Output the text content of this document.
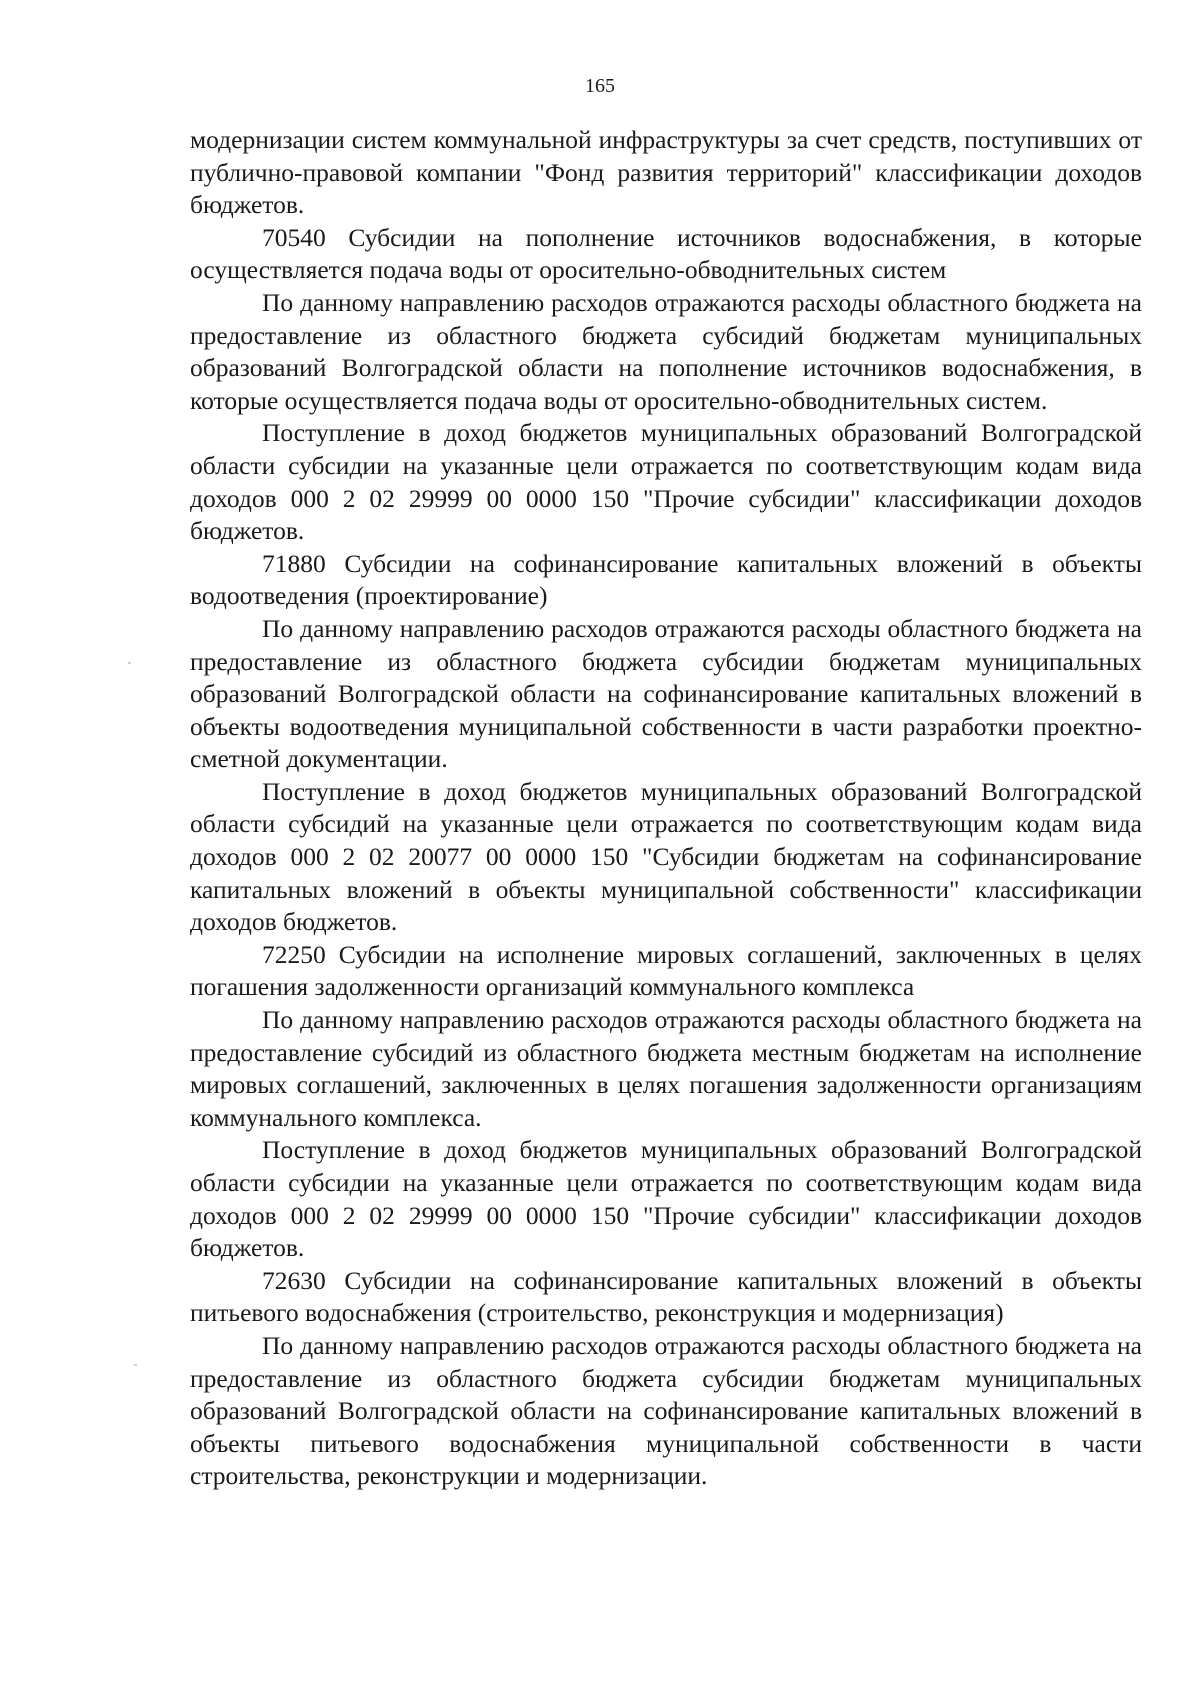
165

модернизации систем коммунальной инфраструктуры за счет средств, поступивших от публично-правовой компании "Фонд развития территорий" классификации доходов бюджетов.

70540 Субсидии на пополнение источников водоснабжения, в которые осуществляется подача воды от оросительно-обводнительных систем

По данному направлению расходов отражаются расходы областного бюджета на предоставление из областного бюджета субсидий бюджетам муниципальных образований Волгоградской области на пополнение источников водоснабжения, в которые осуществляется подача воды от оросительно-обводнительных систем.

Поступление в доход бюджетов муниципальных образований Волгоградской области субсидии на указанные цели отражается по соответствующим кодам вида доходов 000 2 02 29999 00 0000 150 "Прочие субсидии" классификации доходов бюджетов.

71880 Субсидии на софинансирование капитальных вложений в объекты водоотведения (проектирование)

По данному направлению расходов отражаются расходы областного бюджета на предоставление из областного бюджета субсидии бюджетам муниципальных образований Волгоградской области на софинансирование капитальных вложений в объекты водоотведения муниципальной собственности в части разработки проектно-сметной документации.

Поступление в доход бюджетов муниципальных образований Волгоградской области субсидий на указанные цели отражается по соответствующим кодам вида доходов 000 2 02 20077 00 0000 150 "Субсидии бюджетам на софинансирование капитальных вложений в объекты муниципальной собственности" классификации доходов бюджетов.

72250 Субсидии на исполнение мировых соглашений, заключенных в целях погашения задолженности организаций коммунального комплекса

По данному направлению расходов отражаются расходы областного бюджета на предоставление субсидий из областного бюджета местным бюджетам на исполнение мировых соглашений, заключенных в целях погашения задолженности организациям коммунального комплекса.

Поступление в доход бюджетов муниципальных образований Волгоградской области субсидии на указанные цели отражается по соответствующим кодам вида доходов 000 2 02 29999 00 0000 150 "Прочие субсидии" классификации доходов бюджетов.

72630 Субсидии на софинансирование капитальных вложений в объекты питьевого водоснабжения (строительство, реконструкция и модернизация)

По данному направлению расходов отражаются расходы областного бюджета на предоставление из областного бюджета субсидии бюджетам муниципальных образований Волгоградской области на софинансирование капитальных вложений в объекты питьевого водоснабжения муниципальной собственности в части строительства, реконструкции и модернизации.
